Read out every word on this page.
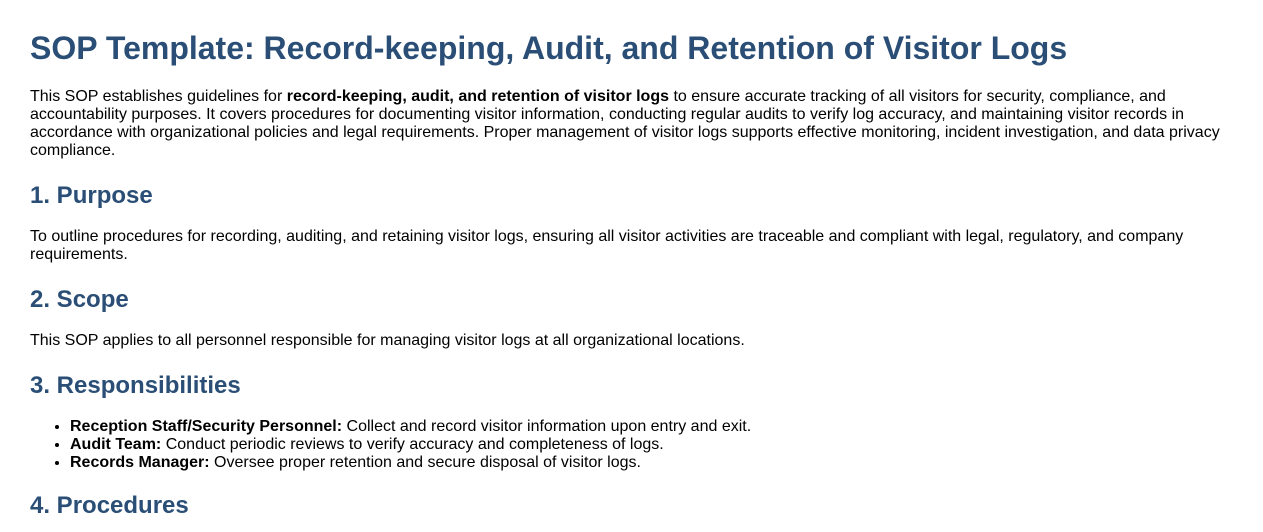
SOP Template: Record-keeping, Audit, and Retention of Visitor Logs

This SOP establishes guidelines for record-keeping, audit, and retention of visitor logs to ensure accurate tracking of all visitors for security, compliance, and accountability purposes. It covers procedures for documenting visitor information, conducting regular audits to verify log accuracy, and maintaining visitor records in accordance with organizational policies and legal requirements. Proper management of visitor logs supports effective monitoring, incident investigation, and data privacy compliance.

1. Purpose

To outline procedures for recording, auditing, and retaining visitor logs, ensuring all visitor activities are traceable and compliant with legal, regulatory, and company requirements.

2. Scope

This SOP applies to all personnel responsible for managing visitor logs at all organizational locations.

3. Responsibilities
• Reception Staff/Security Personnel: Collect and record visitor information upon entry and exit.
• Audit Team: Conduct periodic reviews to verify accuracy and completeness of logs.
• Records Manager: Oversee proper retention and secure disposal of visitor logs.
4. Procedures
